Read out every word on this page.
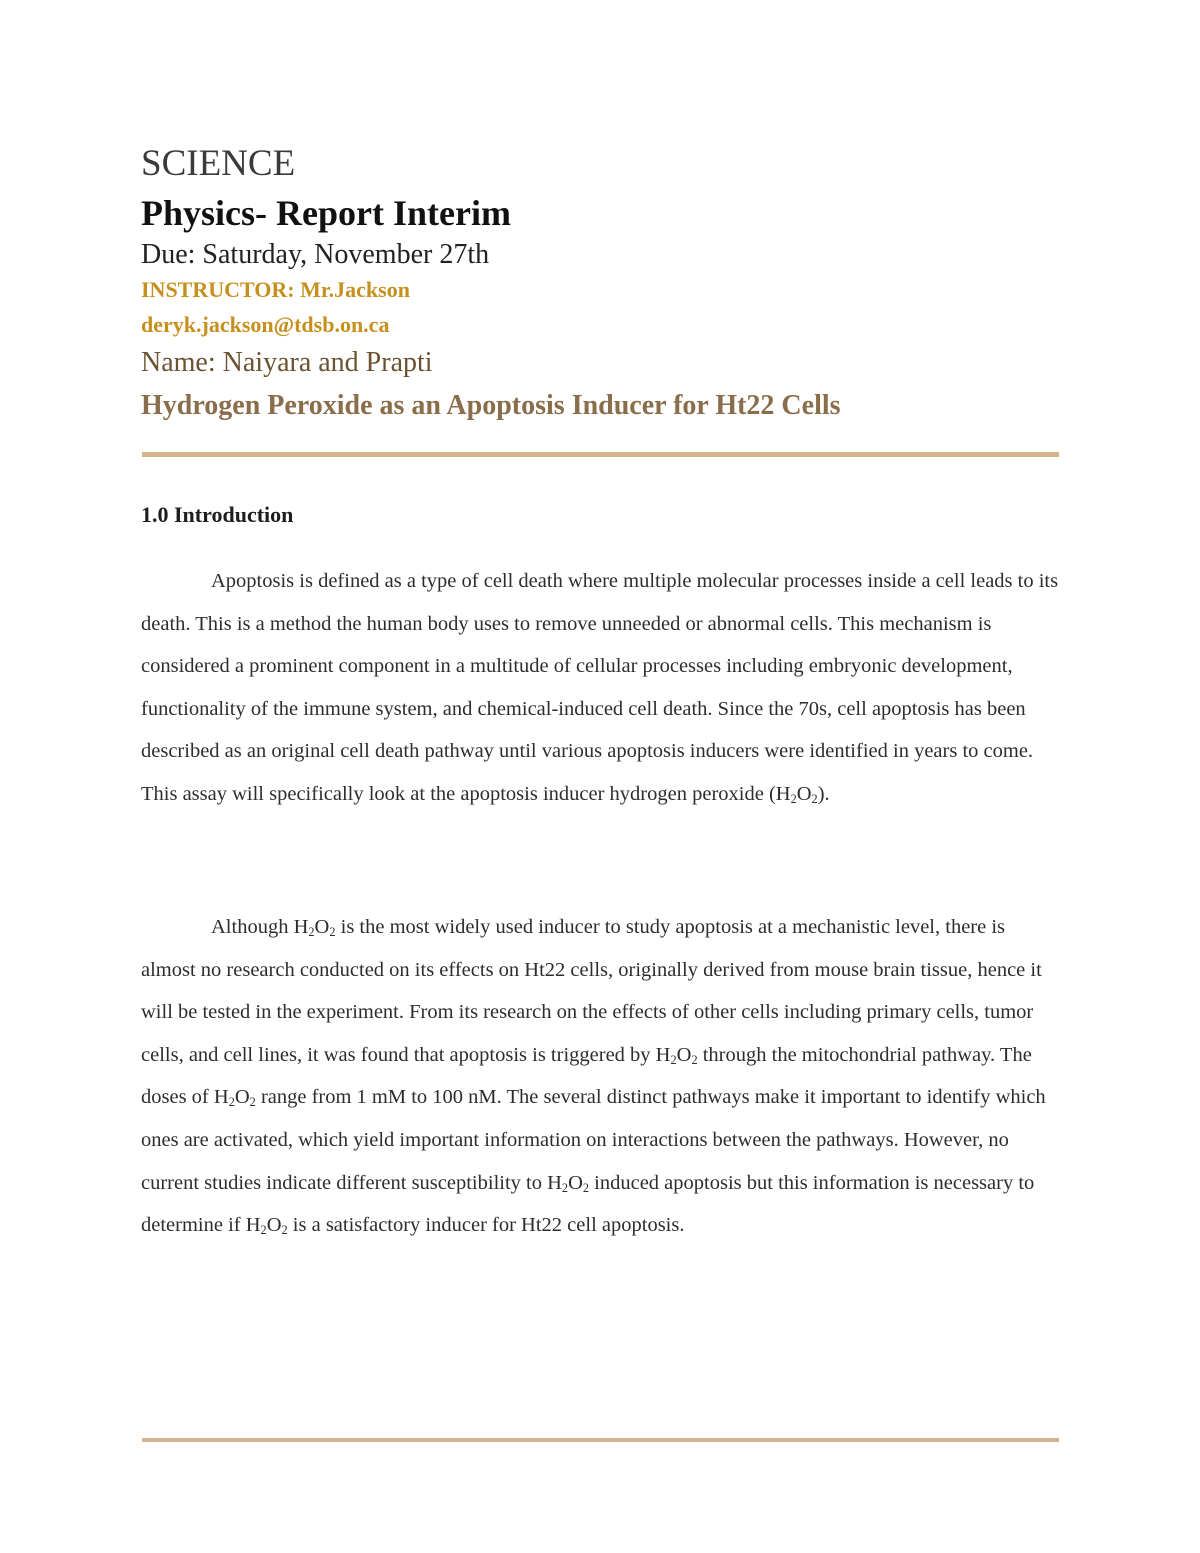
SCIENCE
Physics- Report Interim
Due: Saturday, November 27th
INSTRUCTOR: Mr.Jackson
deryk.jackson@tdsb.on.ca
Name: Naiyara and Prapti
Hydrogen Peroxide as an Apoptosis Inducer for Ht22 Cells
1.0 Introduction
Apoptosis is defined as a type of cell death where multiple molecular processes inside a cell leads to its death. This is a method the human body uses to remove unneeded or abnormal cells. This mechanism is considered a prominent component in a multitude of cellular processes including embryonic development, functionality of the immune system, and chemical-induced cell death. Since the 70s, cell apoptosis has been described as an original cell death pathway until various apoptosis inducers were identified in years to come. This assay will specifically look at the apoptosis inducer hydrogen peroxide $(H_2O_2)$.
Although $H_2O_2$ is the most widely used inducer to study apoptosis at a mechanistic level, there is almost no research conducted on its effects on Ht22 cells, originally derived from mouse brain tissue, hence it will be tested in the experiment. From its research on the effects of other cells including primary cells, tumor cells, and cell lines, it was found that apoptosis is triggered by $H_2O_2$ through the mitochondrial pathway. The doses of $H_2O_2$ range from 1 mM to 100 nM. The several distinct pathways make it important to identify which ones are activated, which yield important information on interactions between the pathways. However, no current studies indicate different susceptibility to $H_2O_2$ induced apoptosis but this information is necessary to determine if $H_2O_2$ is a satisfactory inducer for Ht22 cell apoptosis.
